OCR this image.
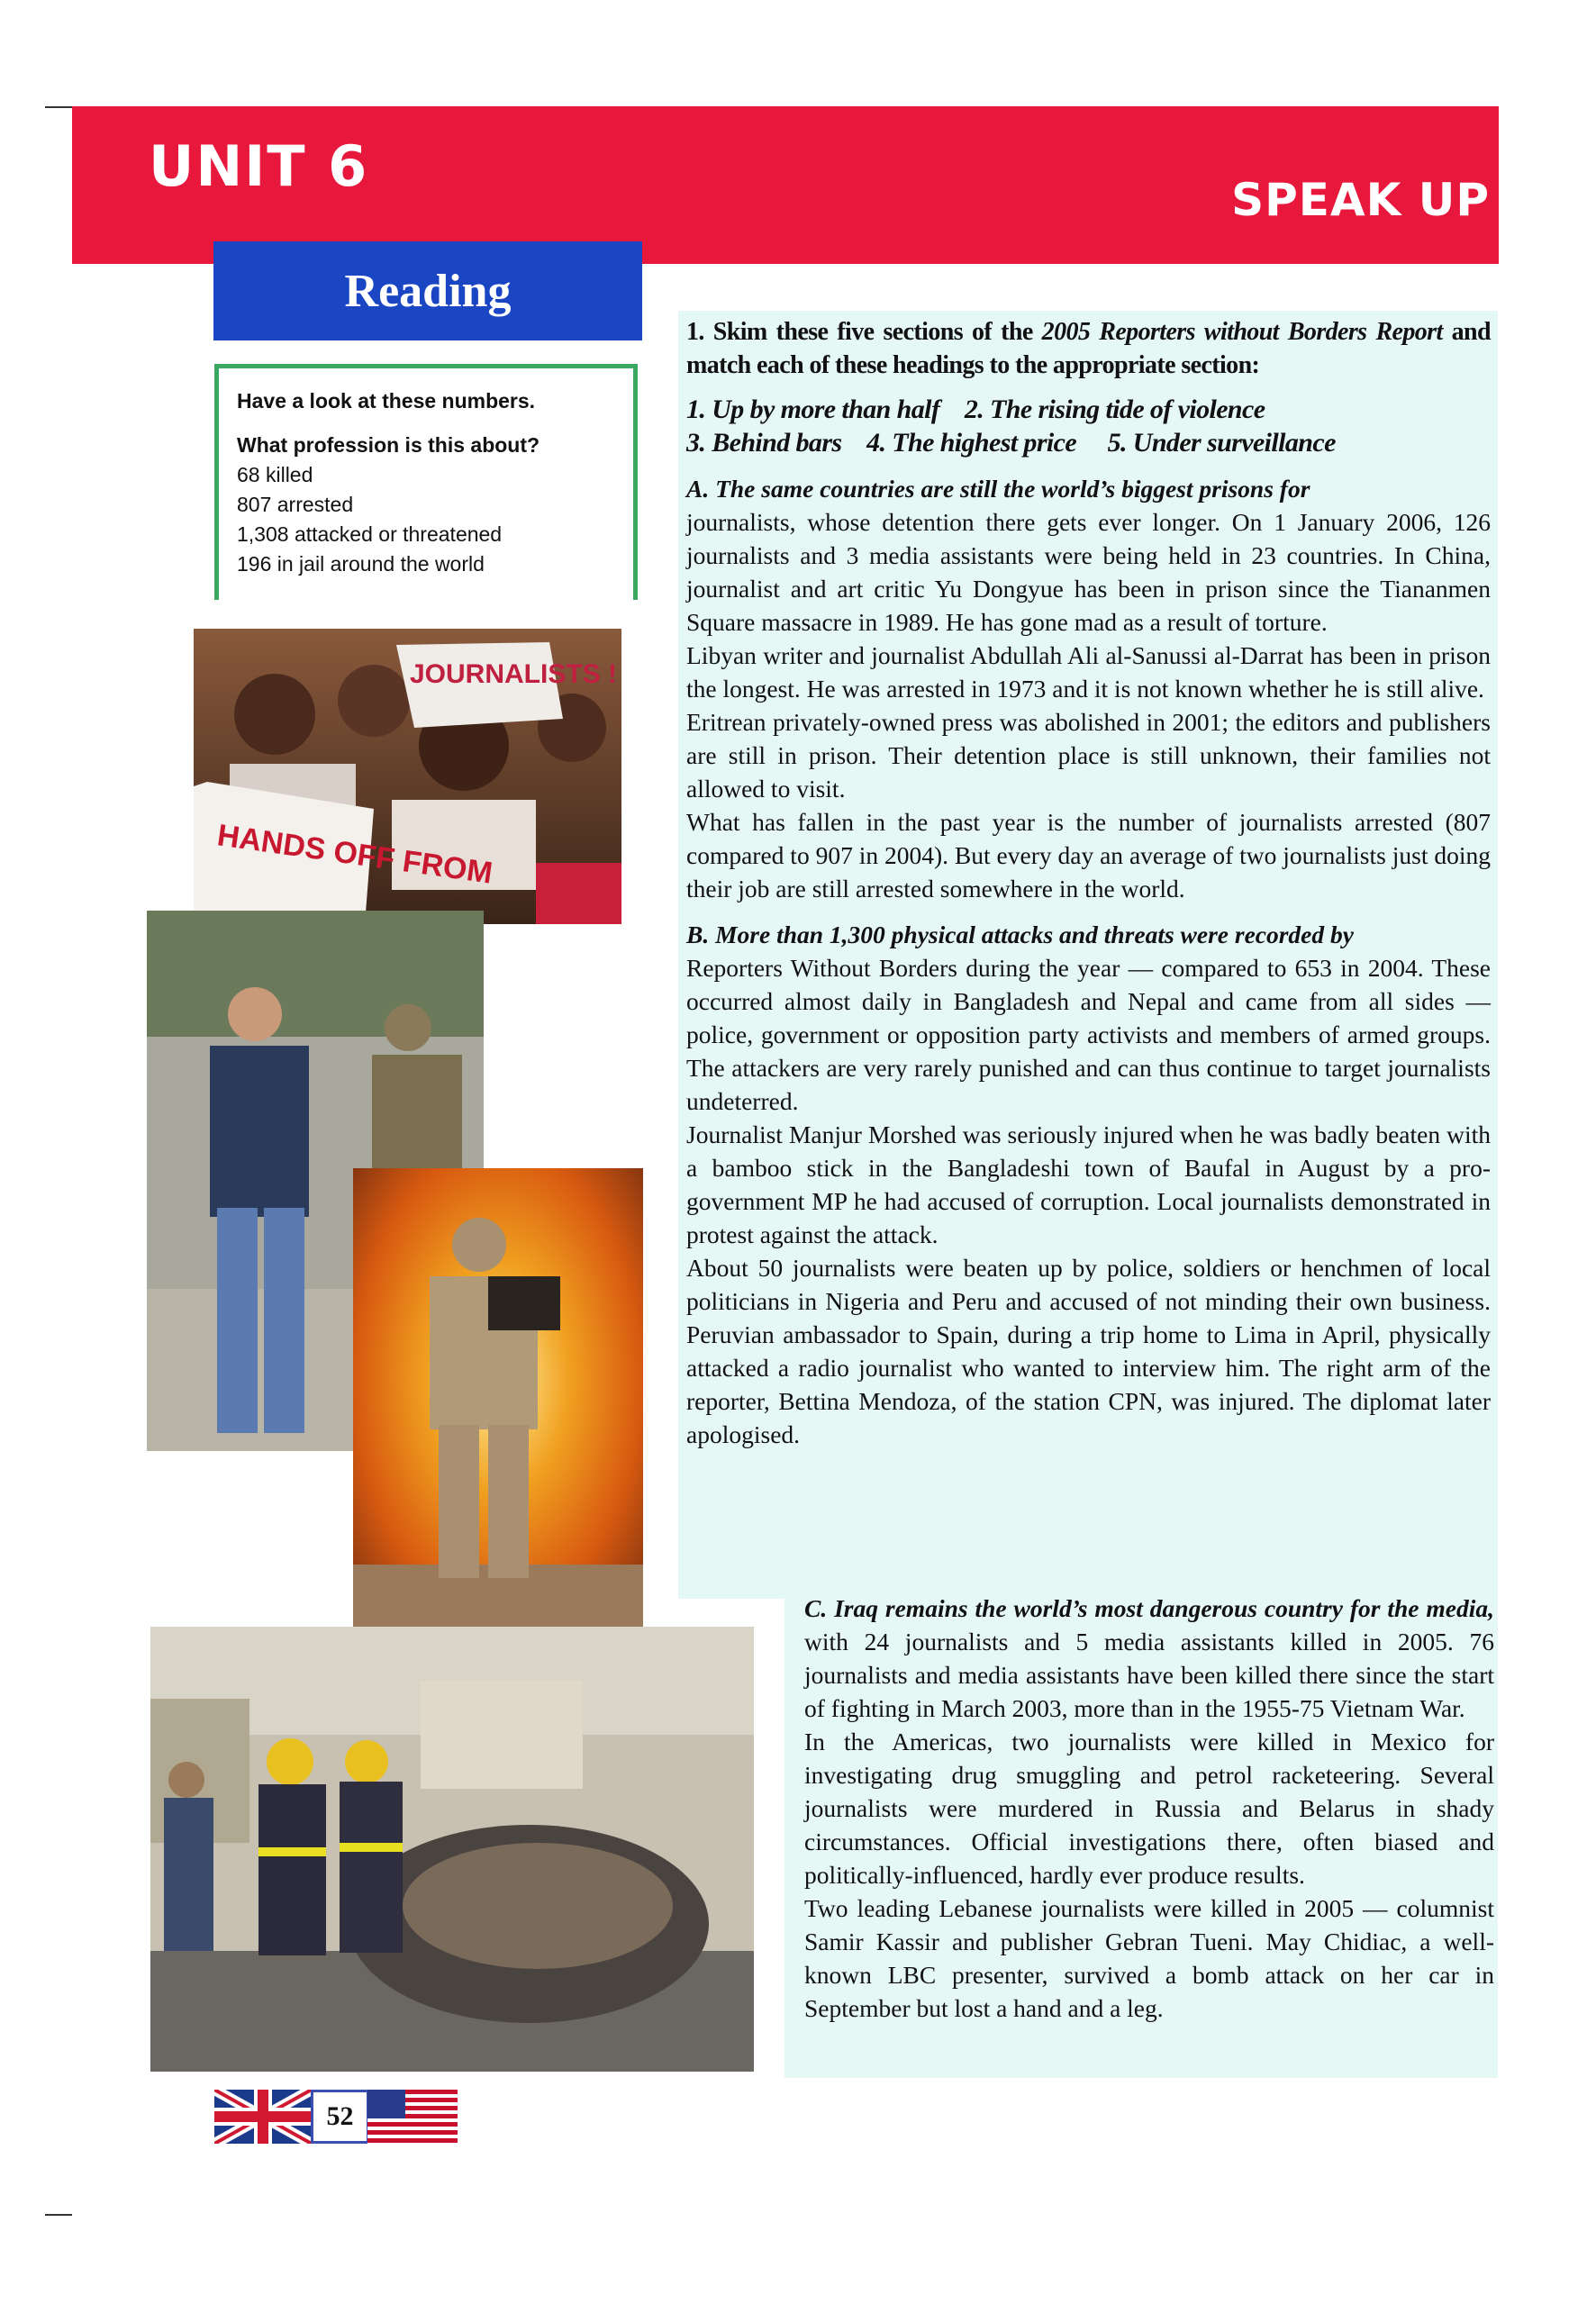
UNIT 6
SPEAK UP
Reading
Have a look at these numbers.
What profession is this about?
68 killed
807 arrested
1,308 attacked or threatened
196 in jail around the world
JOURNALISTS !
HANDS OFF FROM

1. Skim these five sections of the 2005 Reporters without Borders Report and match each of these headings to the appropriate section:

1. Up by more than half    2. The rising tide of violence
3. Behind bars    4. The highest price     5. Under surveillance

A. The same countries are still the world’s biggest prisons for

journalists, whose detention there gets ever longer. On 1 January 2006, 126 journalists and 3 media assistants were being held in 23 countries. In China, journalist and art critic Yu Dongyue has been in prison since the Tiananmen Square massacre in 1989. He has gone mad as a result of torture.

Libyan writer and journalist Abdullah Ali al-Sanussi al-Darrat has been in prison the longest. He was arrested in 1973 and it is not known whether he is still alive.

Eritrean privately-owned press was abolished in 2001; the editors and publishers are still in prison. Their detention place is still unknown, their families not allowed to visit.

What has fallen in the past year is the number of journalists arrested (807 compared to 907 in 2004). But every day an average of two journalists just doing their job are still arrested somewhere in the world.

B. More than 1,300 physical attacks and threats were recorded by

Reporters Without Borders during the year — compared to 653 in 2004. These occurred almost daily in Bangladesh and Nepal and came from all sides — police, government or opposition party activists and members of armed groups. The attackers are very rarely punished and can thus continue to target journalists undeterred.

Journalist Manjur Morshed was seriously injured when he was badly beaten with a bamboo stick in the Bangladeshi town of Baufal in August by a pro-government MP he had accused of corruption. Local journalists demonstrated in protest against the attack.

About 50 journalists were beaten up by police, soldiers or henchmen of local politicians in Nigeria and Peru and accused of not minding their own business. Peruvian ambassador to Spain, during a trip home to Lima in April, physically attacked a radio journalist who wanted to interview him. The right arm of the reporter, Bettina Mendoza, of the station CPN, was injured. The diplomat later apologised.

C. Iraq remains the world’s most dangerous country for the media, with 24 journalists and 5 media assistants killed in 2005. 76 journalists and media assistants have been killed there since the start of fighting in March 2003, more than in the 1955-75 Vietnam War.

In the Americas, two journalists were killed in Mexico for investigating drug smuggling and petrol racketeering. Several journalists were murdered in Russia and Belarus in shady circumstances. Official investigations there, often biased and politically-influenced, hardly ever produce results.

Two leading Lebanese journalists were killed in 2005 — columnist Samir Kassir and publisher Gebran Tueni. May Chidiac, a well-known LBC presenter, survived a bomb attack on her car in September but lost a hand and a leg.

52
